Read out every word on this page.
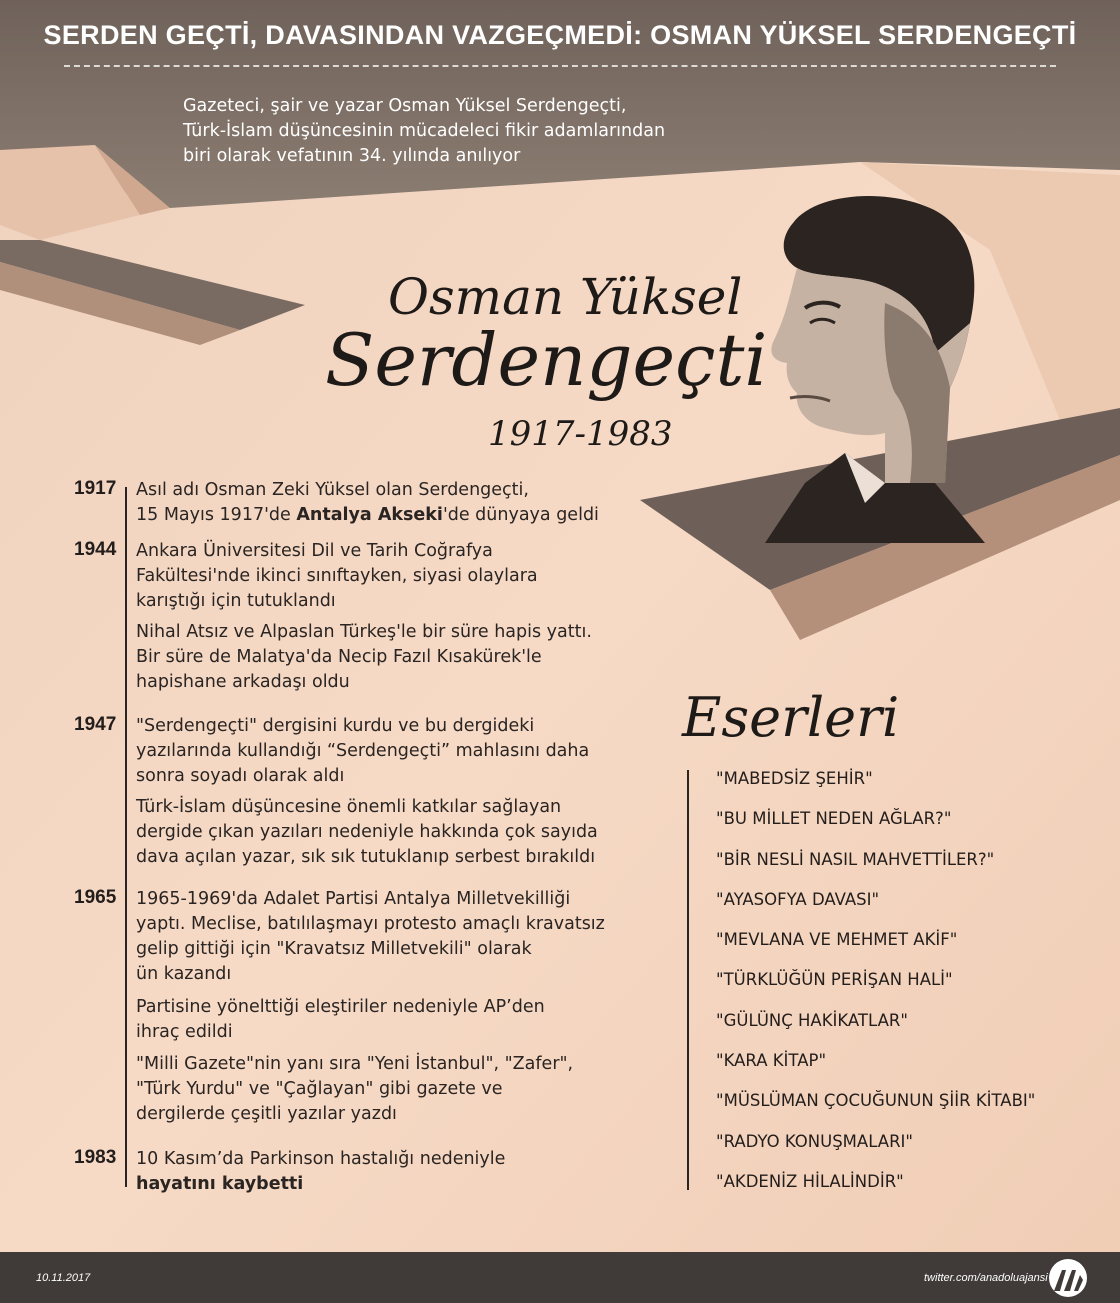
SERDEN GEÇTİ, DAVASINDAN VAZGEÇMEDİ: OSMAN YÜKSEL SERDENGEÇTİ

Gazeteci, şair ve yazar Osman Yüksel Serdengeçti,
Türk-İslam düşüncesinin mücadeleci fikir adamlarından
biri olarak vefatının 34. yılında anılıyor

Osman Yüksel
Serdengeçti
1917-1983
1917 Asıl adı Osman Zeki Yüksel olan Serdengeçti,
15 Mayıs 1917'de Antalya Akseki'de dünyaya geldi

1944 Ankara Üniversitesi Dil ve Tarih Coğrafya
Fakültesi'nde ikinci sınıftayken, siyasi olaylara
karıştığı için tutuklandı

Nihal Atsız ve Alpaslan Türkeş'le bir süre hapis yattı.
Bir süre de Malatya'da Necip Fazıl Kısakürek'le
hapishane arkadaşı oldu

1947 "Serdengeçti" dergisini kurdu ve bu dergideki
yazılarında kullandığı “Serdengeçti” mahlasını daha
sonra soyadı olarak aldı

Türk-İslam düşüncesine önemli katkılar sağlayan
dergide çıkan yazıları nedeniyle hakkında çok sayıda
dava açılan yazar, sık sık tutuklanıp serbest bırakıldı

1965 1965-1969'da Adalet Partisi Antalya Milletvekilliği
yaptı. Meclise, batılılaşmayı protesto amaçlı kravatsız
gelip gittiği için "Kravatsız Milletvekili" olarak
ün kazandı

Partisine yönelttiği eleştiriler nedeniyle AP’den
ihraç edildi

"Milli Gazete"nin yanı sıra "Yeni İstanbul", "Zafer",
"Türk Yurdu" ve "Çağlayan" gibi gazete ve
dergilerde çeşitli yazılar yazdı

1983 10 Kasım’da Parkinson hastalığı nedeniyle
hayatını kaybetti

Eserleri
"MABEDSİZ ŞEHİR"
"BU MİLLET NEDEN AĞLAR?"
"BİR NESLİ NASIL MAHVETTİLER?"
"AYASOFYA DAVASI"
"MEVLANA VE MEHMET AKİF"
"TÜRKLÜĞÜN PERİŞAN HALİ"
"GÜLÜNÇ HAKİKATLAR"
"KARA KİTAP"
"MÜSLÜMAN ÇOCUĞUNUN ŞİİR KİTABI"
"RADYO KONUŞMALARI"
"AKDENİZ HİLALİNDİR"
10.11.2017	twitter.com/anadoluajansi
